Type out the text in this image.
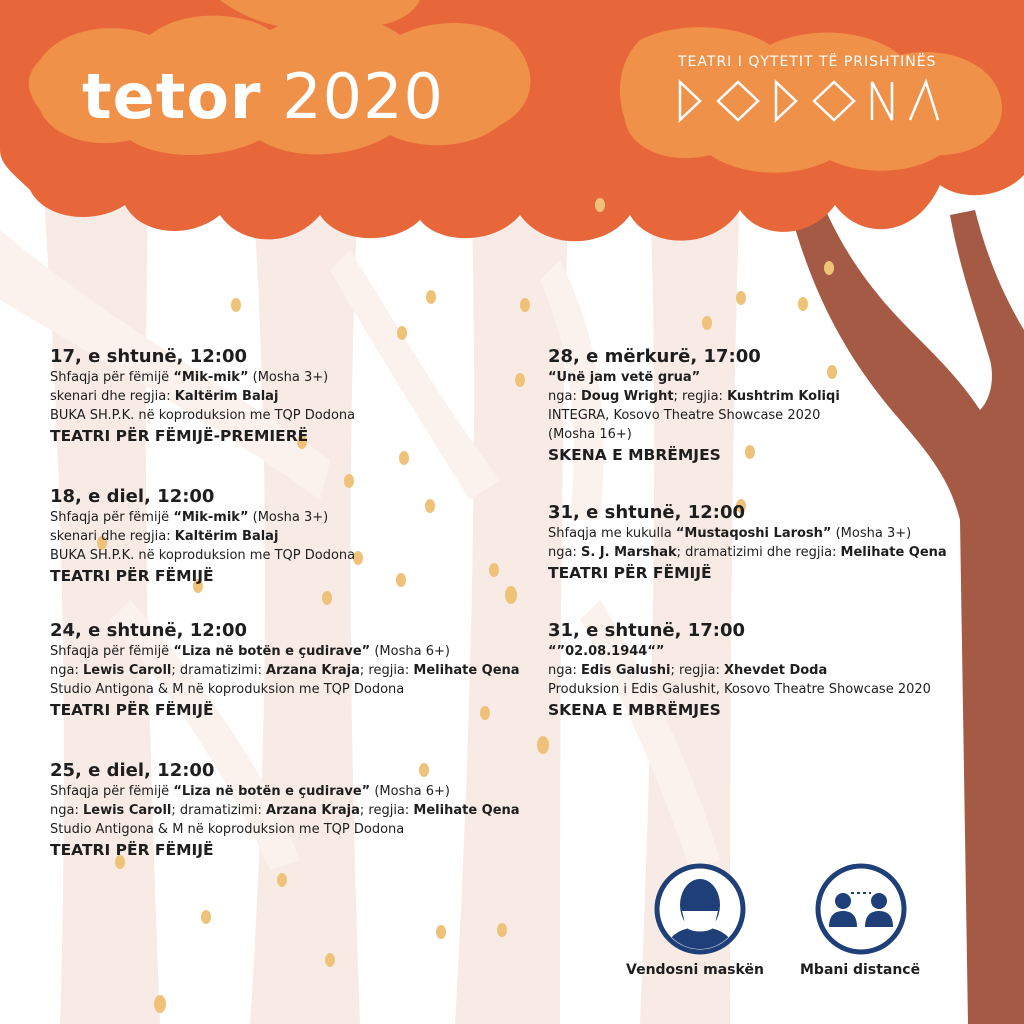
tetor 2020	TEATRI I QYTETIT TË PRISHTINËS
17, e shtunë, 12:00
Shfaqja për fëmijë “Mik-mik” (Mosha 3+)
skenari dhe regjia: Kaltërim Balaj
BUKA SH.P.K. në koproduksion me TQP Dodona
TEATRI PËR FËMIJË-PREMIERË
18, e diel, 12:00
Shfaqja për fëmijë “Mik-mik” (Mosha 3+)
skenari dhe regjia: Kaltërim Balaj
BUKA SH.P.K. në koproduksion me TQP Dodona
TEATRI PËR FËMIJË
24, e shtunë, 12:00
Shfaqja për fëmijë “Liza në botën e çudirave” (Mosha 6+)
nga: Lewis Caroll; dramatizimi: Arzana Kraja; regjia: Melihate Qena
Studio Antigona & M në koproduksion me TQP Dodona
TEATRI PËR FËMIJË
25, e diel, 12:00
Shfaqja për fëmijë “Liza në botën e çudirave” (Mosha 6+)
nga: Lewis Caroll; dramatizimi: Arzana Kraja; regjia: Melihate Qena
Studio Antigona & M në koproduksion me TQP Dodona
TEATRI PËR FËMIJË
28, e mërkurë, 17:00
“Unë jam vetë grua”
nga: Doug Wright; regjia: Kushtrim Koliqi
INTEGRA, Kosovo Theatre Showcase 2020
(Mosha 16+)
SKENA E MBRËMJES
31, e shtunë, 12:00
Shfaqja me kukulla “Mustaqoshi Larosh” (Mosha 3+)
nga: S. J. Marshak; dramatizimi dhe regjia: Melihate Qena
TEATRI PËR FËMIJË
31, e shtunë, 17:00
“”02.08.1944“”
nga: Edis Galushi; regjia: Xhevdet Doda
Produksion i Edis Galushit, Kosovo Theatre Showcase 2020
SKENA E MBRËMJES
Vendosni maskën	Mbani distancë
